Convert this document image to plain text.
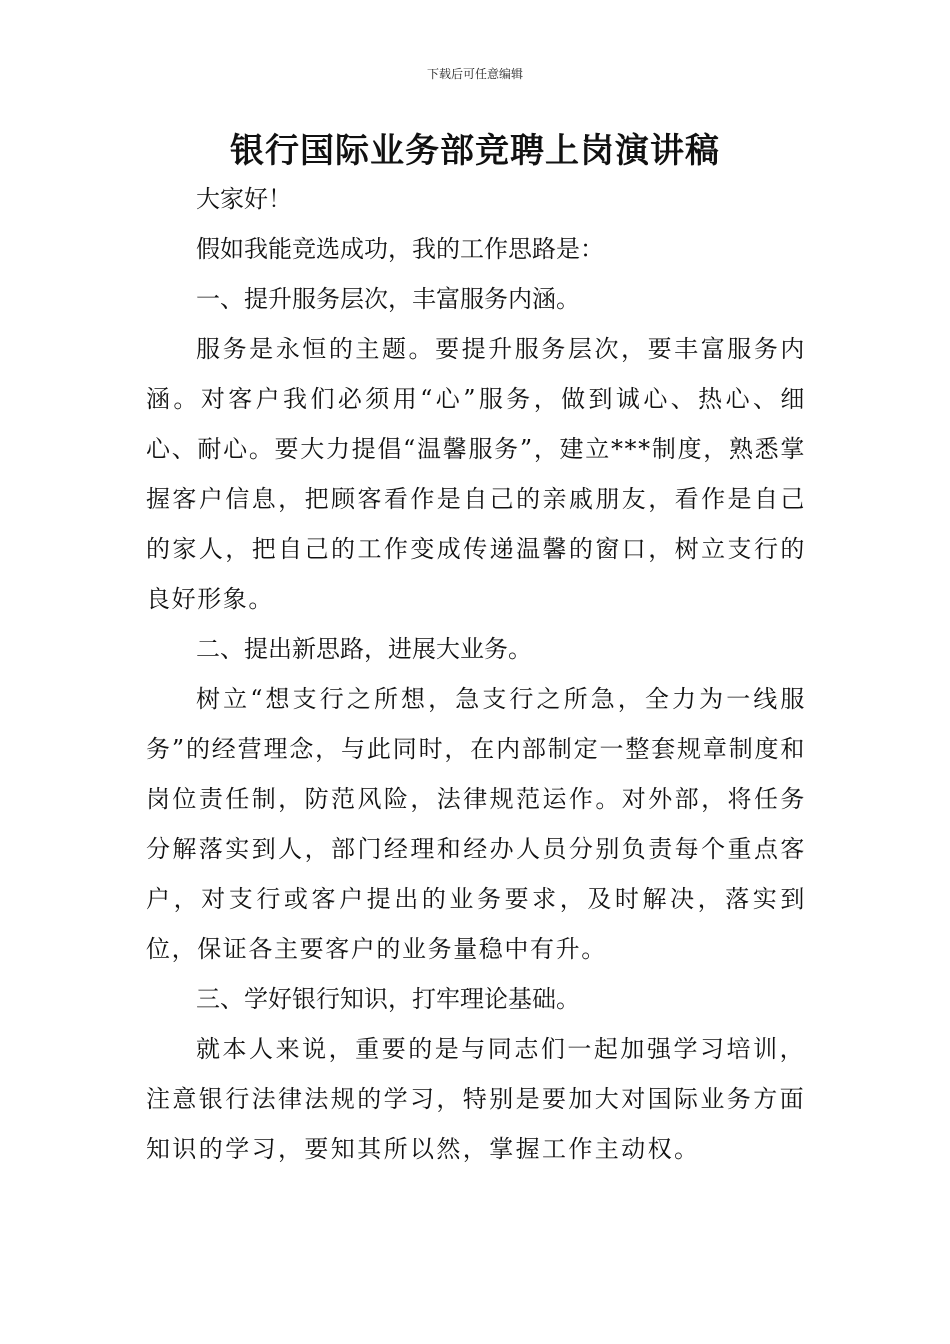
下载后可任意编辑
银行国际业务部竞聘上岗演讲稿

大家好！

假如我能竞选成功，我的工作思路是：

一、提升服务层次，丰富服务内涵。

服务是永恒的主题。要提升服务层次，要丰富服务内涵。对客户我们必须用“心”服务，做到诚心、热心、细心、耐心。要大力提倡“温馨服务”，建立***制度，熟悉掌握客户信息，把顾客看作是自己的亲戚朋友，看作是自己的家人，把自己的工作变成传递温馨的窗口，树立支行的良好形象。

二、提出新思路，进展大业务。

树立“想支行之所想，急支行之所急，全力为一线服务”的经营理念，与此同时，在内部制定一整套规章制度和岗位责任制，防范风险，法律规范运作。对外部，将任务分解落实到人，部门经理和经办人员分别负责每个重点客户，对支行或客户提出的业务要求，及时解决，落实到位，保证各主要客户的业务量稳中有升。

三、学好银行知识，打牢理论基础。

就本人来说，重要的是与同志们一起加强学习培训，注意银行法律法规的学习，特别是要加大对国际业务方面知识的学习，要知其所以然，掌握工作主动权。
